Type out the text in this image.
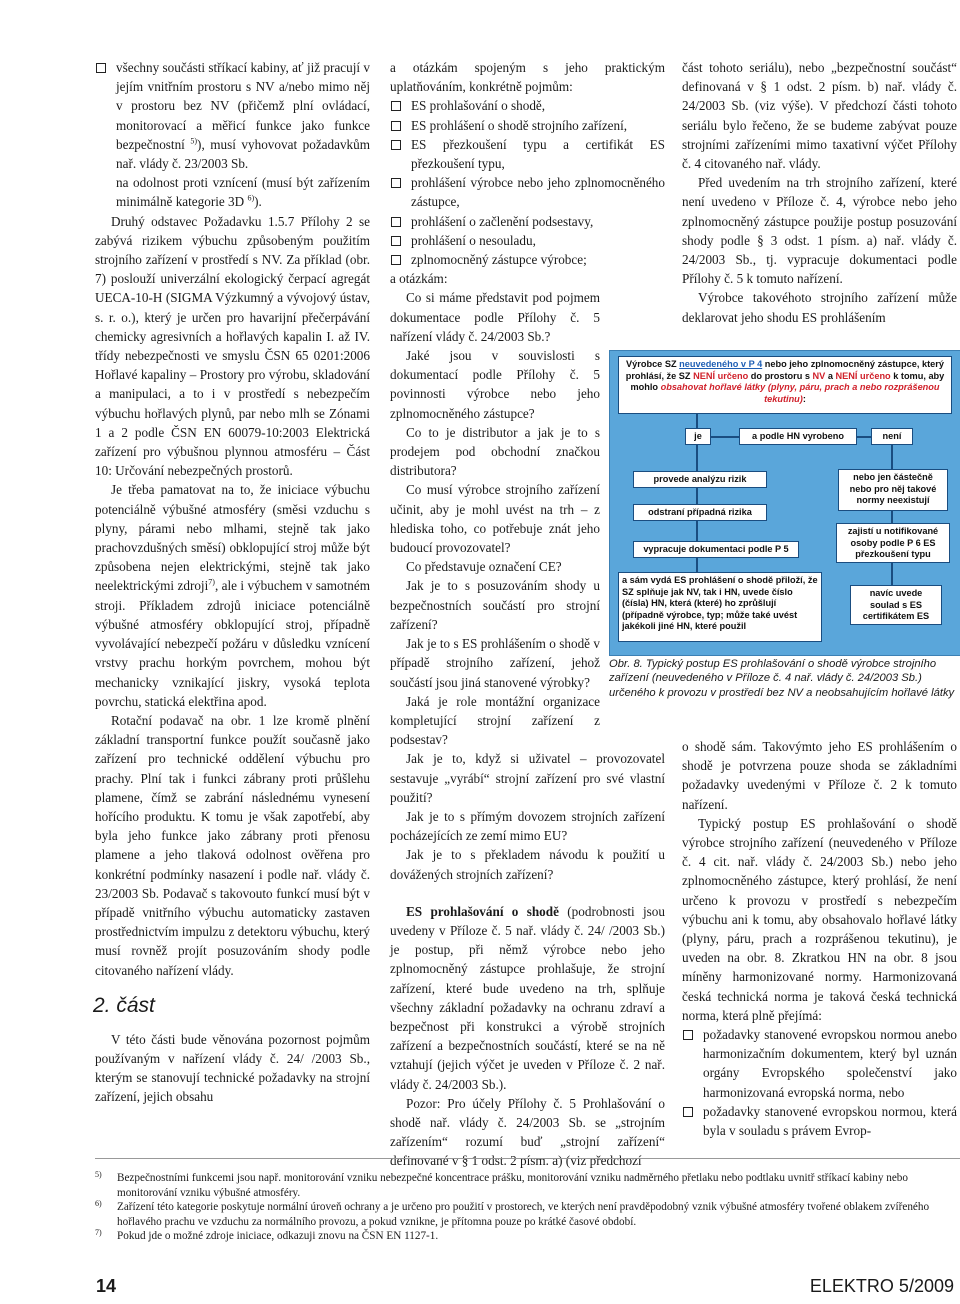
všechny součásti stříkací kabiny, ať již pracují v jejím vnitřním prostoru s NV a/nebo mimo něj v prostoru bez NV (přičemž plní ovládací, monitorovací a měřicí funkce jako funkce bezpečnostní $^{5)}$), musí vyhovovat požadavkům nař. vlády č. 23/2003 Sb.

na odolnost proti vznícení (musí být zařízením minimálně kategorie 3D $^{6)}$).

Druhý odstavec Požadavku 1.5.7 Přílohy 2 se zabývá rizikem výbuchu způsobeným použitím strojního zařízení v prostředí s NV. Za příklad (obr. 7) poslouží univerzální ekologický čerpací agregát UECA-10-H (SIGMA Výzkumný a vývojový ústav, s. r. o.), který je určen pro havarijní přečerpávání chemicky agresivních a hořlavých kapalin I. až IV. třídy nebezpečnosti ve smyslu ČSN 65 0201:2006 Hořlavé kapaliny – Prostory pro výrobu, skladování a manipulaci, a to i v prostředí s nebezpečím výbuchu hořlavých plynů, par nebo mlh se Zónami 1 a 2 podle ČSN EN 60079-10:2003 Elektrická zařízení pro výbušnou plynnou atmosféru – Část 10: Určování nebezpečných prostorů.

Je třeba pamatovat na to, že iniciace výbuchu potenciálně výbušné atmosféry (směsi vzduchu s plyny, párami nebo mlhami, stejně tak jako prachovzdušných směsí) obklopující stroj může být způsobena nejen elektrickými, stejně tak jako neelektrickými zdroji$^{7)}$, ale i výbuchem v samotném stroji. Příkladem zdrojů iniciace potenciálně výbušné atmosféry obklopující stroj, případně vyvolávající nebezpečí požáru v důsledku vznícení vrstvy prachu horkým povrchem, mohou být mechanicky vznikající jiskry, vysoká teplota povrchu, statická elektřina apod.

Rotační podavač na obr. 1 lze kromě plnění základní transportní funkce použít současně jako zařízení pro technické oddělení výbuchu pro prachy. Plní tak i funkci zábrany proti průšlehu plamene, čímž se zabrání následnému vynesení hořícího produktu. K tomu je však zapotřebí, aby byla jeho funkce jako zábrany proti přenosu plamene a jeho tlaková odolnost ověřena pro konkrétní podmínky nasazení i podle nař. vlády č. 23/2003 Sb. Podavač s takovouto funkcí musí být v případě vnitřního výbuchu automaticky zastaven prostřednictvím impulzu z detektoru výbuchu, který musí rovněž projít posuzováním shody podle citovaného nařízení vlády.

2. část

V této části bude věnována pozornost pojmům používaným v nařízení vlády č. 24/ /2003 Sb., kterým se stanovují technické požadavky na strojní zařízení, jejich obsahu

a otázkám spojeným s jeho praktickým uplatňováním, konkrétně pojmům:

ES prohlašování o shodě,

ES prohlášení o shodě strojního zařízení,

ES přezkoušení typu a certifikát ES přezkoušení typu,

prohlášení výrobce nebo jeho zplnomocněného zástupce,

prohlášení o začlenění podsestavy,

prohlášení o nesouladu,

zplnomocněný zástupce výrobce;

a otázkám:

Co si máme představit pod pojmem dokumentace podle Přílohy č. 5 nařízení vlády č. 24/2003 Sb.?

Jaké jsou v souvislosti s dokumentací podle Přílohy č. 5 povinnosti výrobce nebo jeho zplnomocněného zástupce?

Co to je distributor a jak je to s prodejem pod obchodní značkou distributora?

Co musí výrobce strojního zařízení učinit, aby je mohl uvést na trh – z hlediska toho, co potřebuje znát jeho budoucí provozovatel?

Co představuje označení CE?

Jak je to s posuzováním shody u bezpečnostních součástí pro strojní zařízení?

Jak je to s ES prohlášením o shodě v případě strojního zařízení, jehož součástí jsou jiná stanovené výrobky?

Jaká je role montážní organizace kompletující strojní zařízení z podsestav?

Jak je to, když si uživatel – provozovatel sestavuje „vyrábí“ strojní zařízení pro své vlastní použití?

Jak je to s přímým dovozem strojních zařízení pocházejících ze zemí mimo EU?

Jak je to s překladem návodu k použití u dovážených strojních zařízení?

ES prohlašování o shodě (podrobnosti jsou uvedeny v Příloze č. 5 nař. vlády č. 24/ /2003 Sb.) je postup, při němž výrobce nebo jeho zplnomocněný zástupce prohlašuje, že strojní zařízení, které bude uvedeno na trh, splňuje všechny základní požadavky na ochranu zdraví a bezpečnost při konstrukci a výrobě strojních zařízení a bezpečnostních součástí, které se na ně vztahují (jejich výčet je uveden v Příloze č. 2 nař. vlády č. 24/2003 Sb.).

Pozor: Pro účely Přílohy č. 5 Prohlašování o shodě nař. vlády č. 24/2003 Sb. se „strojním zařízením“ rozumí buď „strojní zařízení“ definované v § 1 odst. 2 písm. a) (viz předchozí

část tohoto seriálu), nebo „bezpečnostní součást“ definovaná v § 1 odst. 2 písm. b) nař. vlády č. 24/2003 Sb. (viz výše). V předchozí části tohoto seriálu bylo řečeno, že se budeme zabývat pouze strojními zařízeními mimo taxativní výčet Přílohy č. 4 citovaného nař. vlády.

Před uvedením na trh strojního zařízení, které není uvedeno v Příloze č. 4, výrobce nebo jeho zplnomocněný zástupce použije postup posuzování shody podle § 3 odst. 1 písm. a) nař. vlády č. 24/2003 Sb., tj. vypracuje dokumentaci podle Přílohy č. 5 k tomuto nařízení.

Výrobce takovéhoto strojního zařízení může deklarovat jeho shodu ES prohlášením

Výrobce SZ neuvedeného v P 4 nebo jeho zplnomocněný zástupce, který prohlásí, že SZ NENÍ určeno do prostoru s NV a NENÍ určeno k tomu, aby mohlo obsahovat hořlavé látky (plyny, páru, prach a nebo rozprášenou tekutinu):
je	a podle HN vyrobeno	není
provede analýzu rizik
odstraní případná rizika
nebo jen částečně nebo pro něj takové normy neexistují
zajistí u notifikované osoby podle P 6 ES přezkoušení typu
vypracuje dokumentaci podle P 5
a sám vydá ES prohlášení o shodě přiloží, že SZ splňuje jak NV, tak i HN, uvede číslo (čísla) HN, která (které) ho zprůšlují (případně výrobce, typ; může také uvést jakékoli jiné HN, které použil
navíc uvede soulad s ES certifikátem ES
Obr. 8. Typický postup ES prohlašování o shodě výrobce strojního zařízení (neuvedeného v Příloze č. 4 nař. vlády č. 24/2003 Sb.) určeného k provozu v prostředí bez NV a neobsahujícím hořlavé látky

o shodě sám. Takovýmto jeho ES prohlášením o shodě je potvrzena pouze shoda se základními požadavky uvedenými v Příloze č. 2 k tomuto nařízení.

Typický postup ES prohlašování o shodě výrobce strojního zařízení (neuvedeného v Příloze č. 4 cit. nař. vlády č. 24/2003 Sb.) nebo jeho zplnomocněného zástupce, který prohlásí, že není určeno k provozu v prostředí s nebezpečím výbuchu ani k tomu, aby obsahovalo hořlavé látky (plyny, páru, prach a rozprášenou tekutinu), je uveden na obr. 8. Zkratkou HN na obr. 8 jsou míněny harmonizované normy. Harmonizovaná česká technická norma je taková česká technická norma, která plně přejímá:

požadavky stanovené evropskou normou anebo harmonizačním dokumentem, který byl uznán orgány Evropského společenství jako harmonizovaná evropská norma, nebo

požadavky stanovené evropskou normou, která byla v souladu s právem Evrop-

5) Bezpečnostními funkcemi jsou např. monitorování vzniku nebezpečné koncentrace prášku, monitorování vzniku nadměrného přetlaku nebo podtlaku uvnitř stříkací kabiny nebo monitorování vzniku výbušné atmosféry.

6) Zařízení této kategorie poskytuje normální úroveň ochrany a je určeno pro použití v prostorech, ve kterých není pravděpodobný vznik výbušné atmosféry tvořené oblakem zvířeného hořlavého prachu ve vzduchu za normálního provozu, a pokud vznikne, je přítomna pouze po krátké časové období.

7) Pokud jde o možné zdroje iniciace, odkazuji znovu na ČSN EN 1127-1.

14	ELEKTRO 5/2009
